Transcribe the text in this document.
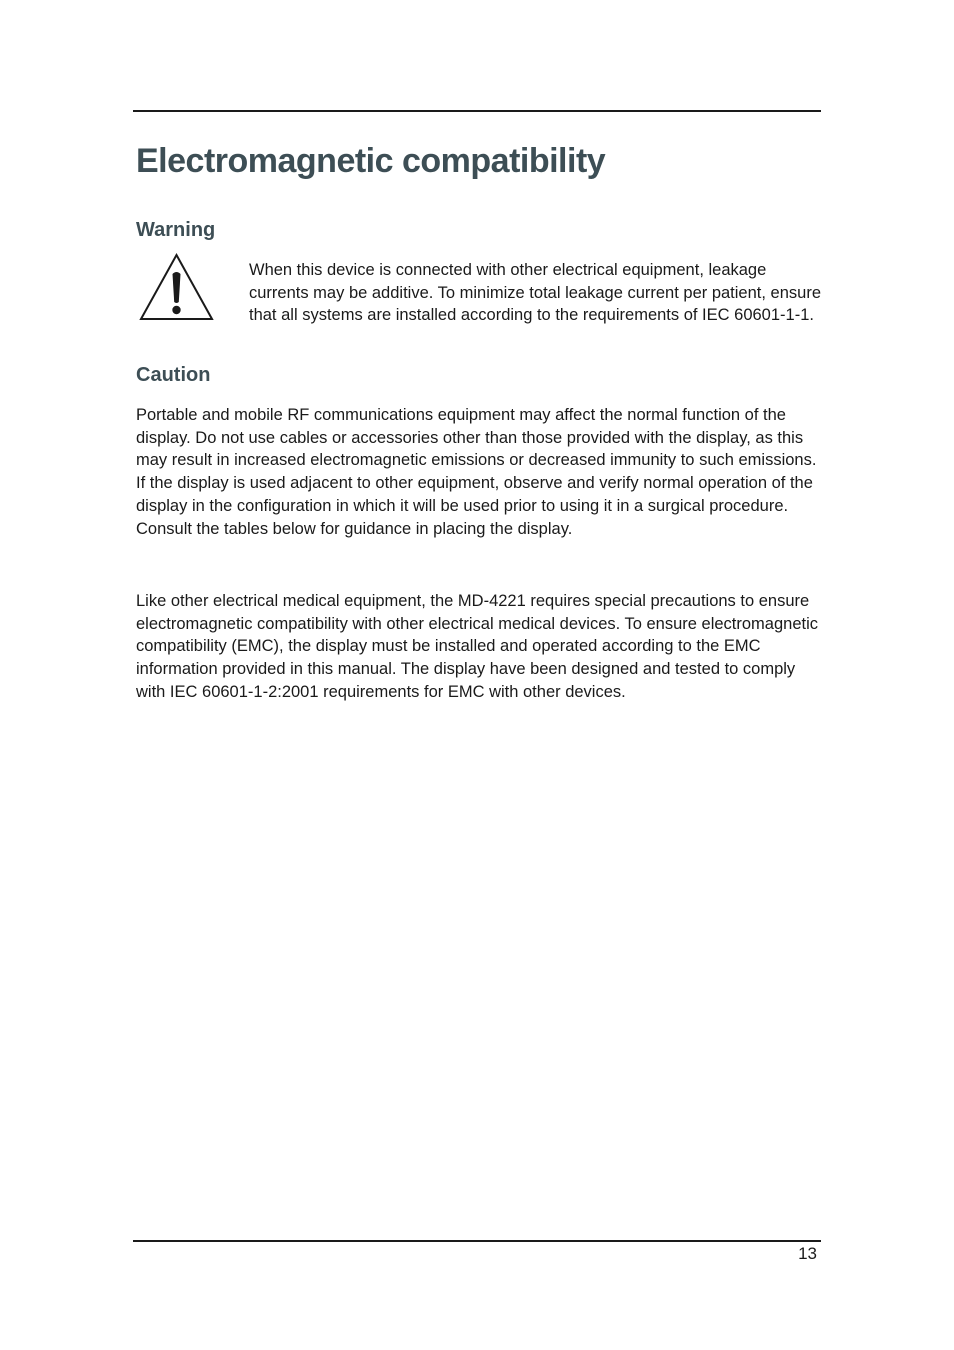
Electromagnetic compatibility
Warning

When this device is connected with other electrical equipment, leakage currents may be additive. To minimize total leakage current per patient, ensure that all systems are installed according to the requirements of IEC 60601-1-1.

Caution

Portable and mobile RF communications equipment may affect the normal function of the display. Do not use cables or accessories other than those provided with the display, as this may result in increased electromagnetic emissions or decreased immunity to such emissions. If the display is used adjacent to other equipment, observe and verify normal operation of the display in the configuration in which it will be used prior to using it in a surgical procedure. Consult the tables below for guidance in placing the display.

Like other electrical medical equipment, the MD-4221 requires special precautions to ensure electromagnetic compatibility with other electrical medical devices. To ensure electromagnetic compatibility (EMC), the display must be installed and operated according to the EMC information provided in this manual. The display have been designed and tested to comply with IEC 60601-1-2:2001 requirements for EMC with other devices.

13
